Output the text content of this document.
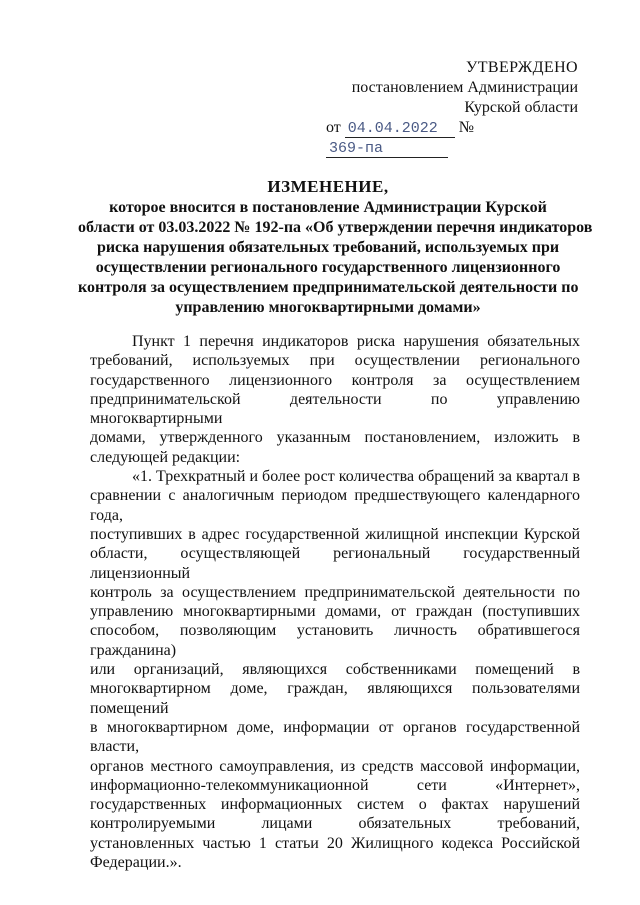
УТВЕРЖДЕНО
постановлением Администрации
Курской области
от 04.04.2022 № 369-па
ИЗМЕНЕНИЕ,
которое вносится в постановление Администрации Курской
области от 03.03.2022 № 192-па «Об утверждении перечня индикаторов
риска нарушения обязательных требований, используемых при
осуществлении регионального государственного лицензионного
контроля за осуществлением предпринимательской деятельности по
управлению многоквартирными домами»
Пункт 1 перечня индикаторов риска нарушения обязательных
требований, используемых при осуществлении регионального
государственного лицензионного контроля за осуществлением
предпринимательской деятельности по управлению многоквартирными
домами, утвержденного указанным постановлением, изложить в
следующей редакции:
«1. Трехкратный и более рост количества обращений за квартал в
сравнении с аналогичным периодом предшествующего календарного года,
поступивших в адрес государственной жилищной инспекции Курской
области, осуществляющей региональный государственный лицензионный
контроль за осуществлением предпринимательской деятельности по
управлению многоквартирными домами, от граждан (поступивших
способом, позволяющим установить личность обратившегося гражданина)
или организаций, являющихся собственниками помещений в
многоквартирном доме, граждан, являющихся пользователями помещений
в многоквартирном доме, информации от органов государственной власти,
органов местного самоуправления, из средств массовой информации,
информационно-телекоммуникационной сети «Интернет»,
государственных информационных систем о фактах нарушений
контролируемыми лицами обязательных требований,
установленных частью 1 статьи 20 Жилищного кодекса Российской
Федерации.».
